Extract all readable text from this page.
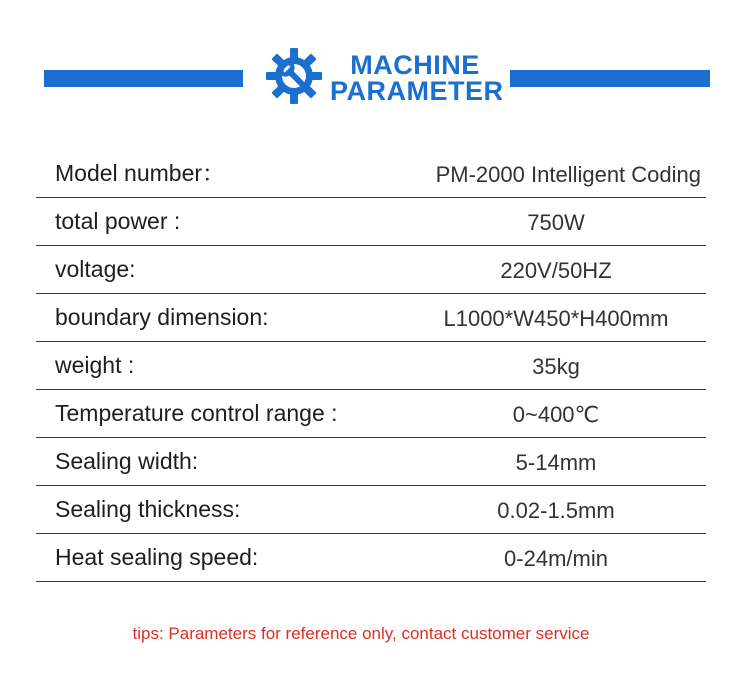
MACHINE
PARAMETER
Model number：	PM-2000 Intelligent Coding
total power :	750W
voltage:	220V/50HZ
boundary dimension:	L1000*W450*H400mm
weight :	35kg
Temperature control range :	0~400℃
Sealing width:	5-14mm
Sealing thickness:	0.02-1.5mm
Heat sealing speed:	0-24m/min
tips: Parameters for reference only, contact customer service
